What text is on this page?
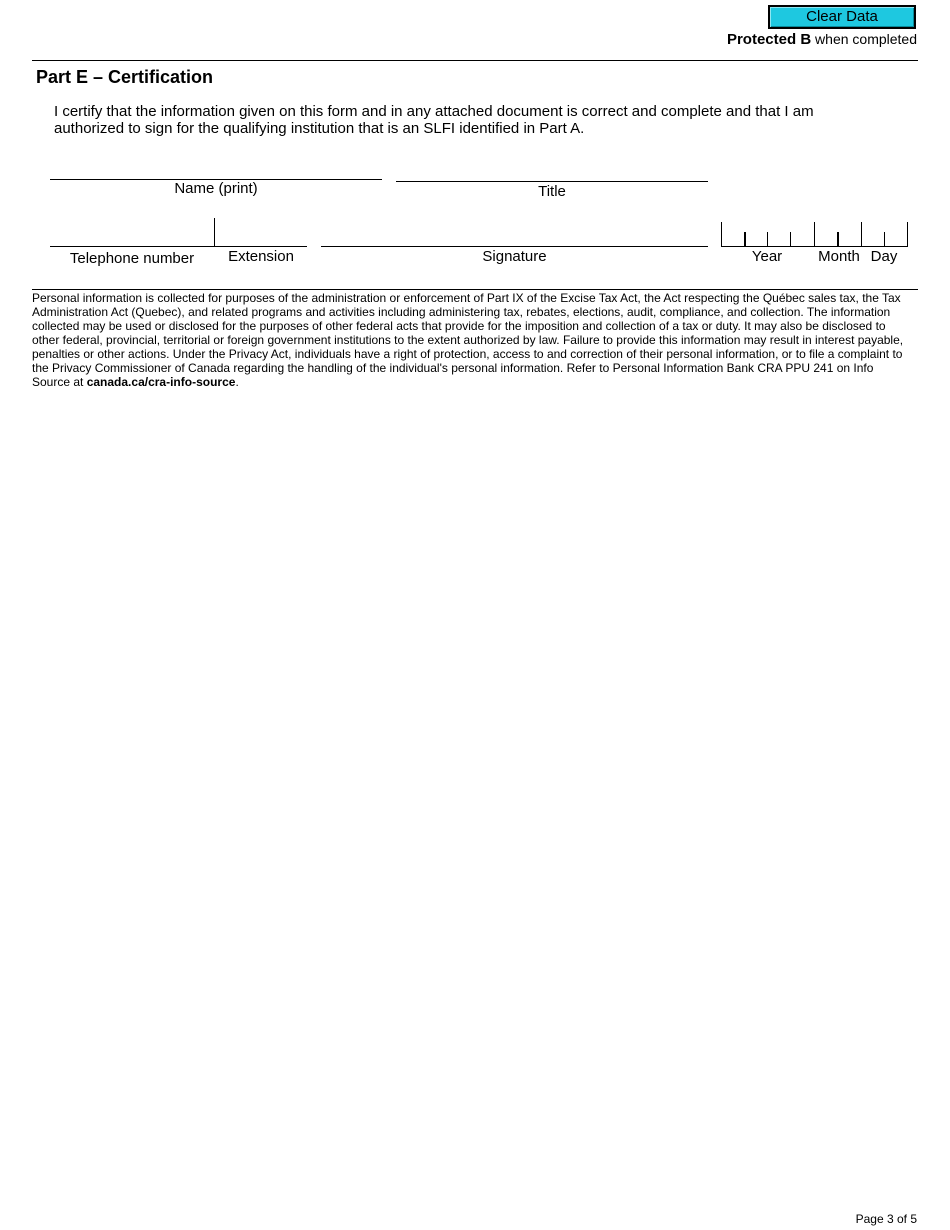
Clear Data
Protected B when completed
Part E – Certification
I certify that the information given on this form and in any attached document is correct and complete and that I am authorized to sign for the qualifying institution that is an SLFI identified in Part A.
Name (print)	Title
Telephone number	Extension	Signature	Year	Month Day
Personal information is collected for purposes of the administration or enforcement of Part IX of the Excise Tax Act, the Act respecting the Québec sales tax, the Tax Administration Act (Quebec), and related programs and activities including administering tax, rebates, elections, audit, compliance, and collection. The information collected may be used or disclosed for the purposes of other federal acts that provide for the imposition and collection of a tax or duty. It may also be disclosed to other federal, provincial, territorial or foreign government institutions to the extent authorized by law. Failure to provide this information may result in interest payable, penalties or other actions. Under the Privacy Act, individuals have a right of protection, access to and correction of their personal information, or to file a complaint to the Privacy Commissioner of Canada regarding the handling of the individual's personal information. Refer to Personal Information Bank CRA PPU 241 on Info Source at canada.ca/cra-info-source.
Page 3 of 5
